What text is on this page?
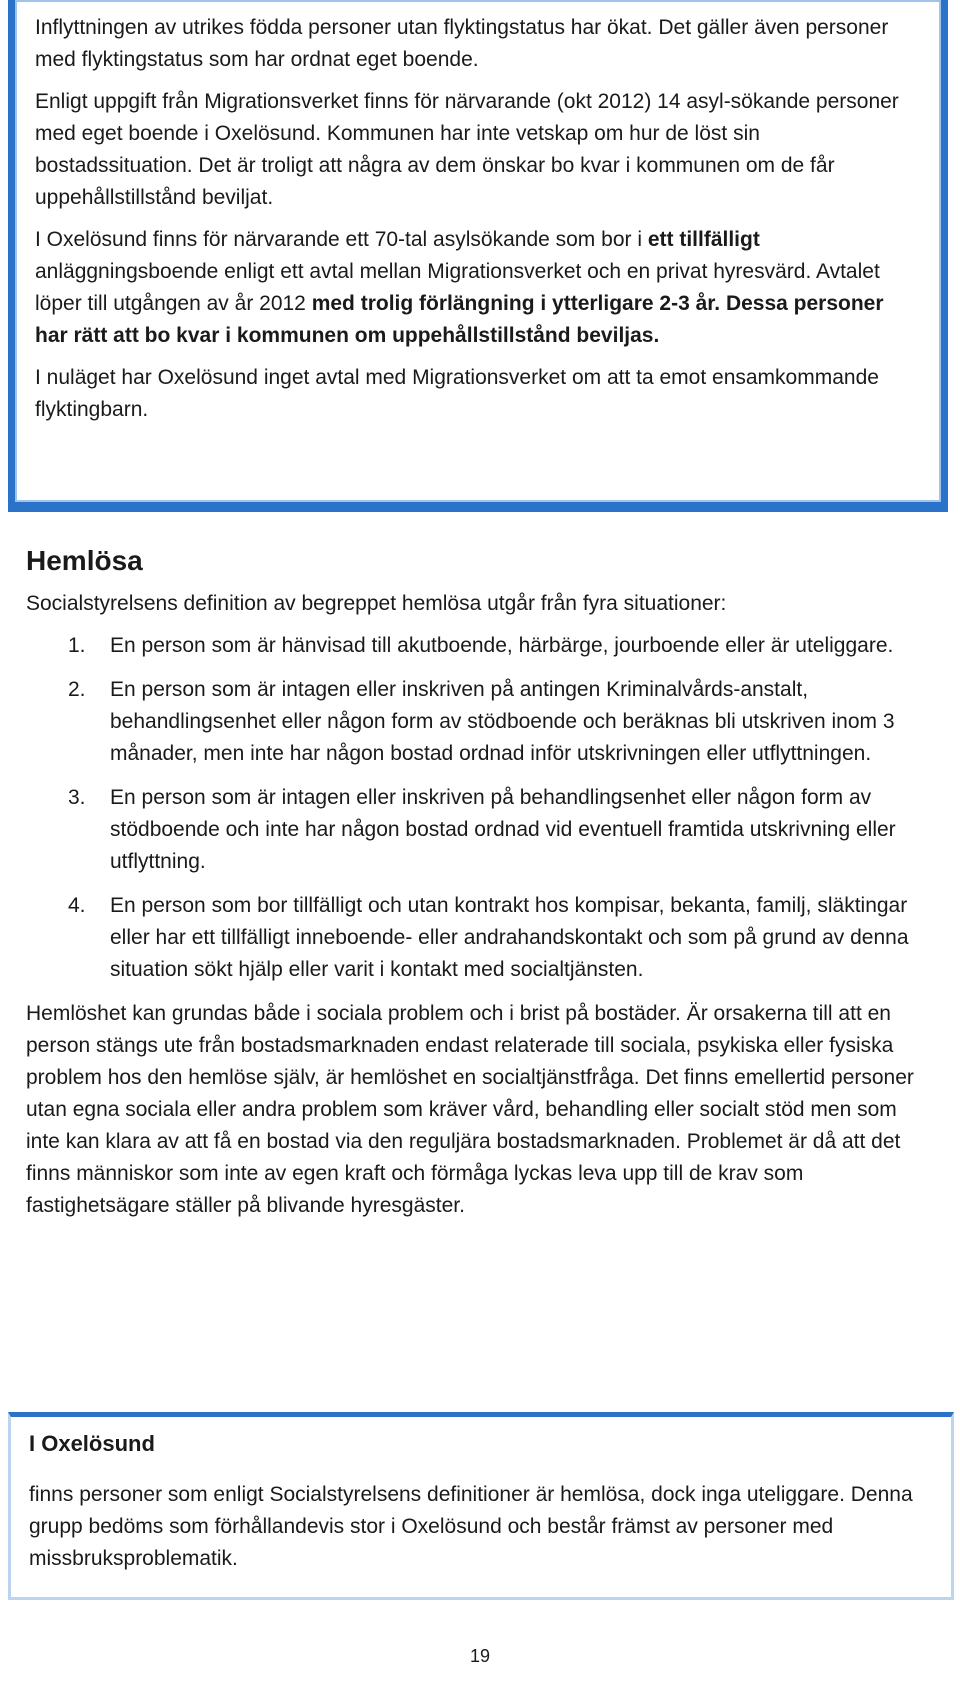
Inflyttningen av utrikes födda personer utan flyktingstatus har ökat. Det gäller även personer med flyktingstatus som har ordnat eget boende.

Enligt uppgift från Migrationsverket finns för närvarande (okt 2012) 14 asyl-sökande personer med eget boende i Oxelösund. Kommunen har inte vetskap om hur de löst sin bostadssituation. Det är troligt att några av dem önskar bo kvar i kommunen om de får uppehållstillstånd beviljat.

I Oxelösund finns för närvarande ett 70-tal asylsökande som bor i ett tillfälligt anläggningsboende enligt ett avtal mellan Migrationsverket och en privat hyresvärd. Avtalet löper till utgången av år 2012 med trolig förlängning i ytterligare 2-3 år. Dessa personer har rätt att bo kvar i kommunen om uppehållstillstånd beviljas.

I nuläget har Oxelösund inget avtal med Migrationsverket om att ta emot ensamkommande flyktingbarn.

Hemlösa

Socialstyrelsens definition av begreppet hemlösa utgår från fyra situationer:

1. En person som är hänvisad till akutboende, härbärge, jourboende eller är uteliggare.
2. En person som är intagen eller inskriven på antingen Kriminalvårds-anstalt, behandlingsenhet eller någon form av stödboende och beräknas bli utskriven inom 3 månader, men inte har någon bostad ordnad inför utskrivningen eller utflyttningen.
3. En person som är intagen eller inskriven på behandlingsenhet eller någon form av stödboende och inte har någon bostad ordnad vid eventuell framtida utskrivning eller utflyttning.
4. En person som bor tillfälligt och utan kontrakt hos kompisar, bekanta, familj, släktingar eller har ett tillfälligt inneboende- eller andrahandskontakt och som på grund av denna situation sökt hjälp eller varit i kontakt med socialtjänsten.

Hemlöshet kan grundas både i sociala problem och i brist på bostäder. Är orsakerna till att en person stängs ute från bostadsmarknaden endast relaterade till sociala, psykiska eller fysiska problem hos den hemlöse själv, är hemlöshet en socialtjänstfråga. Det finns emellertid personer utan egna sociala eller andra problem som kräver vård, behandling eller socialt stöd men som inte kan klara av att få en bostad via den reguljära bostadsmarknaden. Problemet är då att det finns människor som inte av egen kraft och förmåga lyckas leva upp till de krav som fastighetsägare ställer på blivande hyresgäster.

I Oxelösund

finns personer som enligt Socialstyrelsens definitioner är hemlösa, dock inga uteliggare. Denna grupp bedöms som förhållandevis stor i Oxelösund och består främst av personer med missbruksproblematik.

19
